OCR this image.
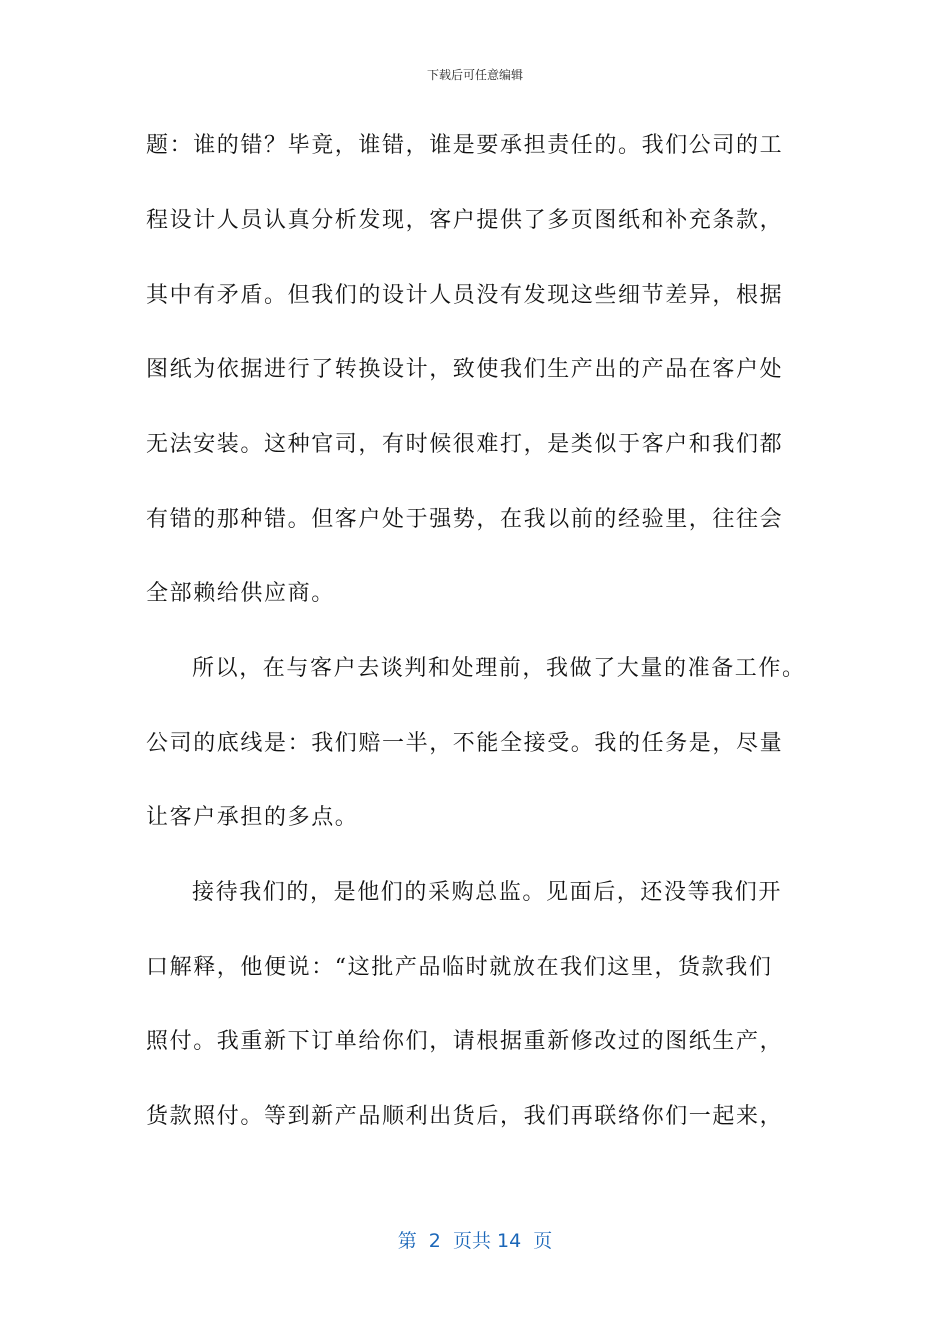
下载后可任意编辑
题：谁的错？毕竟，谁错，谁是要承担责任的。我们公司的工
程设计人员认真分析发现，客户提供了多页图纸和补充条款，
其中有矛盾。但我们的设计人员没有发现这些细节差异，根据
图纸为依据进行了转换设计，致使我们生产出的产品在客户处
无法安装。这种官司，有时候很难打，是类似于客户和我们都
有错的那种错。但客户处于强势，在我以前的经验里，往往会
全部赖给供应商。
所以，在与客户去谈判和处理前，我做了大量的准备工作。
公司的底线是：我们赔一半，不能全接受。我的任务是，尽量
让客户承担的多点。
接待我们的，是他们的采购总监。见面后，还没等我们开
口解释，他便说：“这批产品临时就放在我们这里，货款我们
照付。我重新下订单给你们，请根据重新修改过的图纸生产，
货款照付。等到新产品顺利出货后，我们再联络你们一起来，
第  2  页共 14  页
